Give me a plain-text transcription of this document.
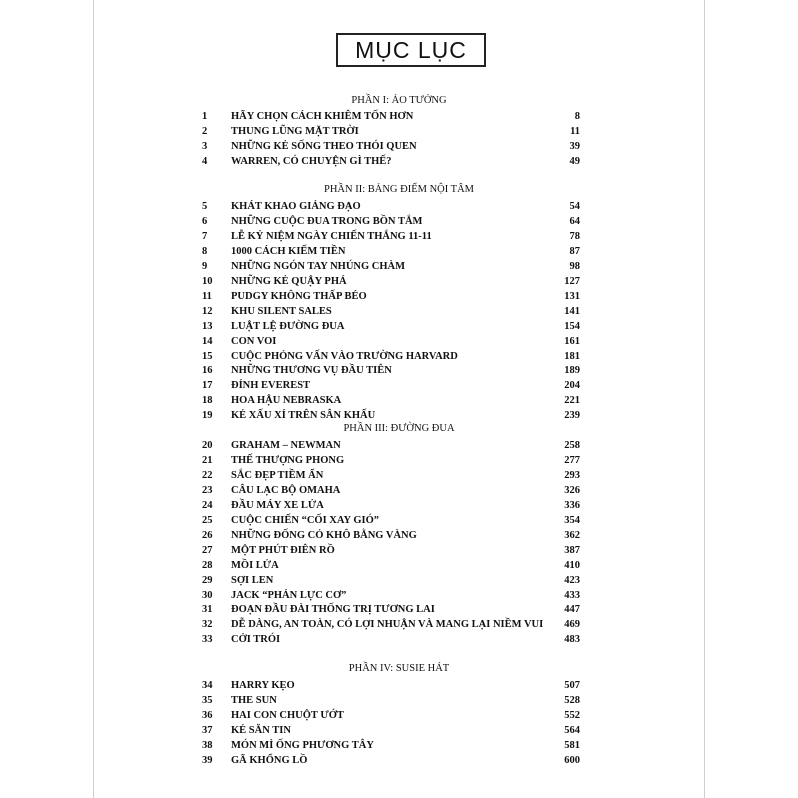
MỤC LỤC
PHẦN I: ẢO TƯỞNG
1	HÃY CHỌN CÁCH KHIÊM TỐN HƠN	8
2	THUNG LŨNG MẶT TRỜI	11
3	NHỮNG KẺ SỐNG THEO THÓI QUEN	39
4	WARREN, CÓ CHUYỆN GÌ THẾ?	49
PHẦN II: BẢNG ĐIỂM NỘI TÂM
5	KHÁT KHAO GIẢNG ĐẠO	54
6	NHỮNG CUỘC ĐUA TRONG BỒN TẮM	64
7	LỄ KỶ NIỆM NGÀY CHIẾN THẮNG 11-11	78
8	1000 CÁCH KIẾM TIỀN	87
9	NHỮNG NGÓN TAY NHÚNG CHÀM	98
10	NHỮNG KẺ QUẬY PHÁ	127
11	PUDGY KHÔNG THẤP BÉO	131
12	KHU SILENT SALES	141
13	LUẬT LỆ ĐƯỜNG ĐUA	154
14	CON VOI	161
15	CUỘC PHỎNG VẤN VÀO TRƯỜNG HARVARD	181
16	NHỮNG THƯƠNG VỤ ĐẦU TIÊN	189
17	ĐỈNH EVEREST	204
18	HOA HẬU NEBRASKA	221
19	KẺ XẤU XÍ TRÊN SÂN KHẤU	239
PHẦN III: ĐƯỜNG ĐUA
20	GRAHAM – NEWMAN	258
21	THẾ THƯỢNG PHONG	277
22	SẮC ĐẸP TIỀM ẨN	293
23	CÂU LẠC BỘ OMAHA	326
24	ĐẦU MÁY XE LỬA	336
25	CUỘC CHIẾN “CỐI XAY GIÓ”	354
26	NHỮNG ĐỐNG CỎ KHÔ BẰNG VÀNG	362
27	MỘT PHÚT ĐIÊN RỒ	387
28	MỒI LỬA	410
29	SỢI LEN	423
30	JACK “PHẢN LỰC CƠ”	433
31	ĐOẠN ĐẦU ĐÀI THỐNG TRỊ TƯƠNG LAI	447
32	DỄ DÀNG, AN TOÀN, CÓ LỢI NHUẬN VÀ MANG LẠI NIỀM VUI	469
33	CỞI TRÓI	483
PHẦN IV: SUSIE HÁT
34	HARRY KẸO	507
35	THE SUN	528
36	HAI CON CHUỘT ƯỚT	552
37	KẺ SĂN TIN	564
38	MÓN MÌ ỐNG PHƯƠNG TÂY	581
39	GÃ KHỔNG LỒ	600
